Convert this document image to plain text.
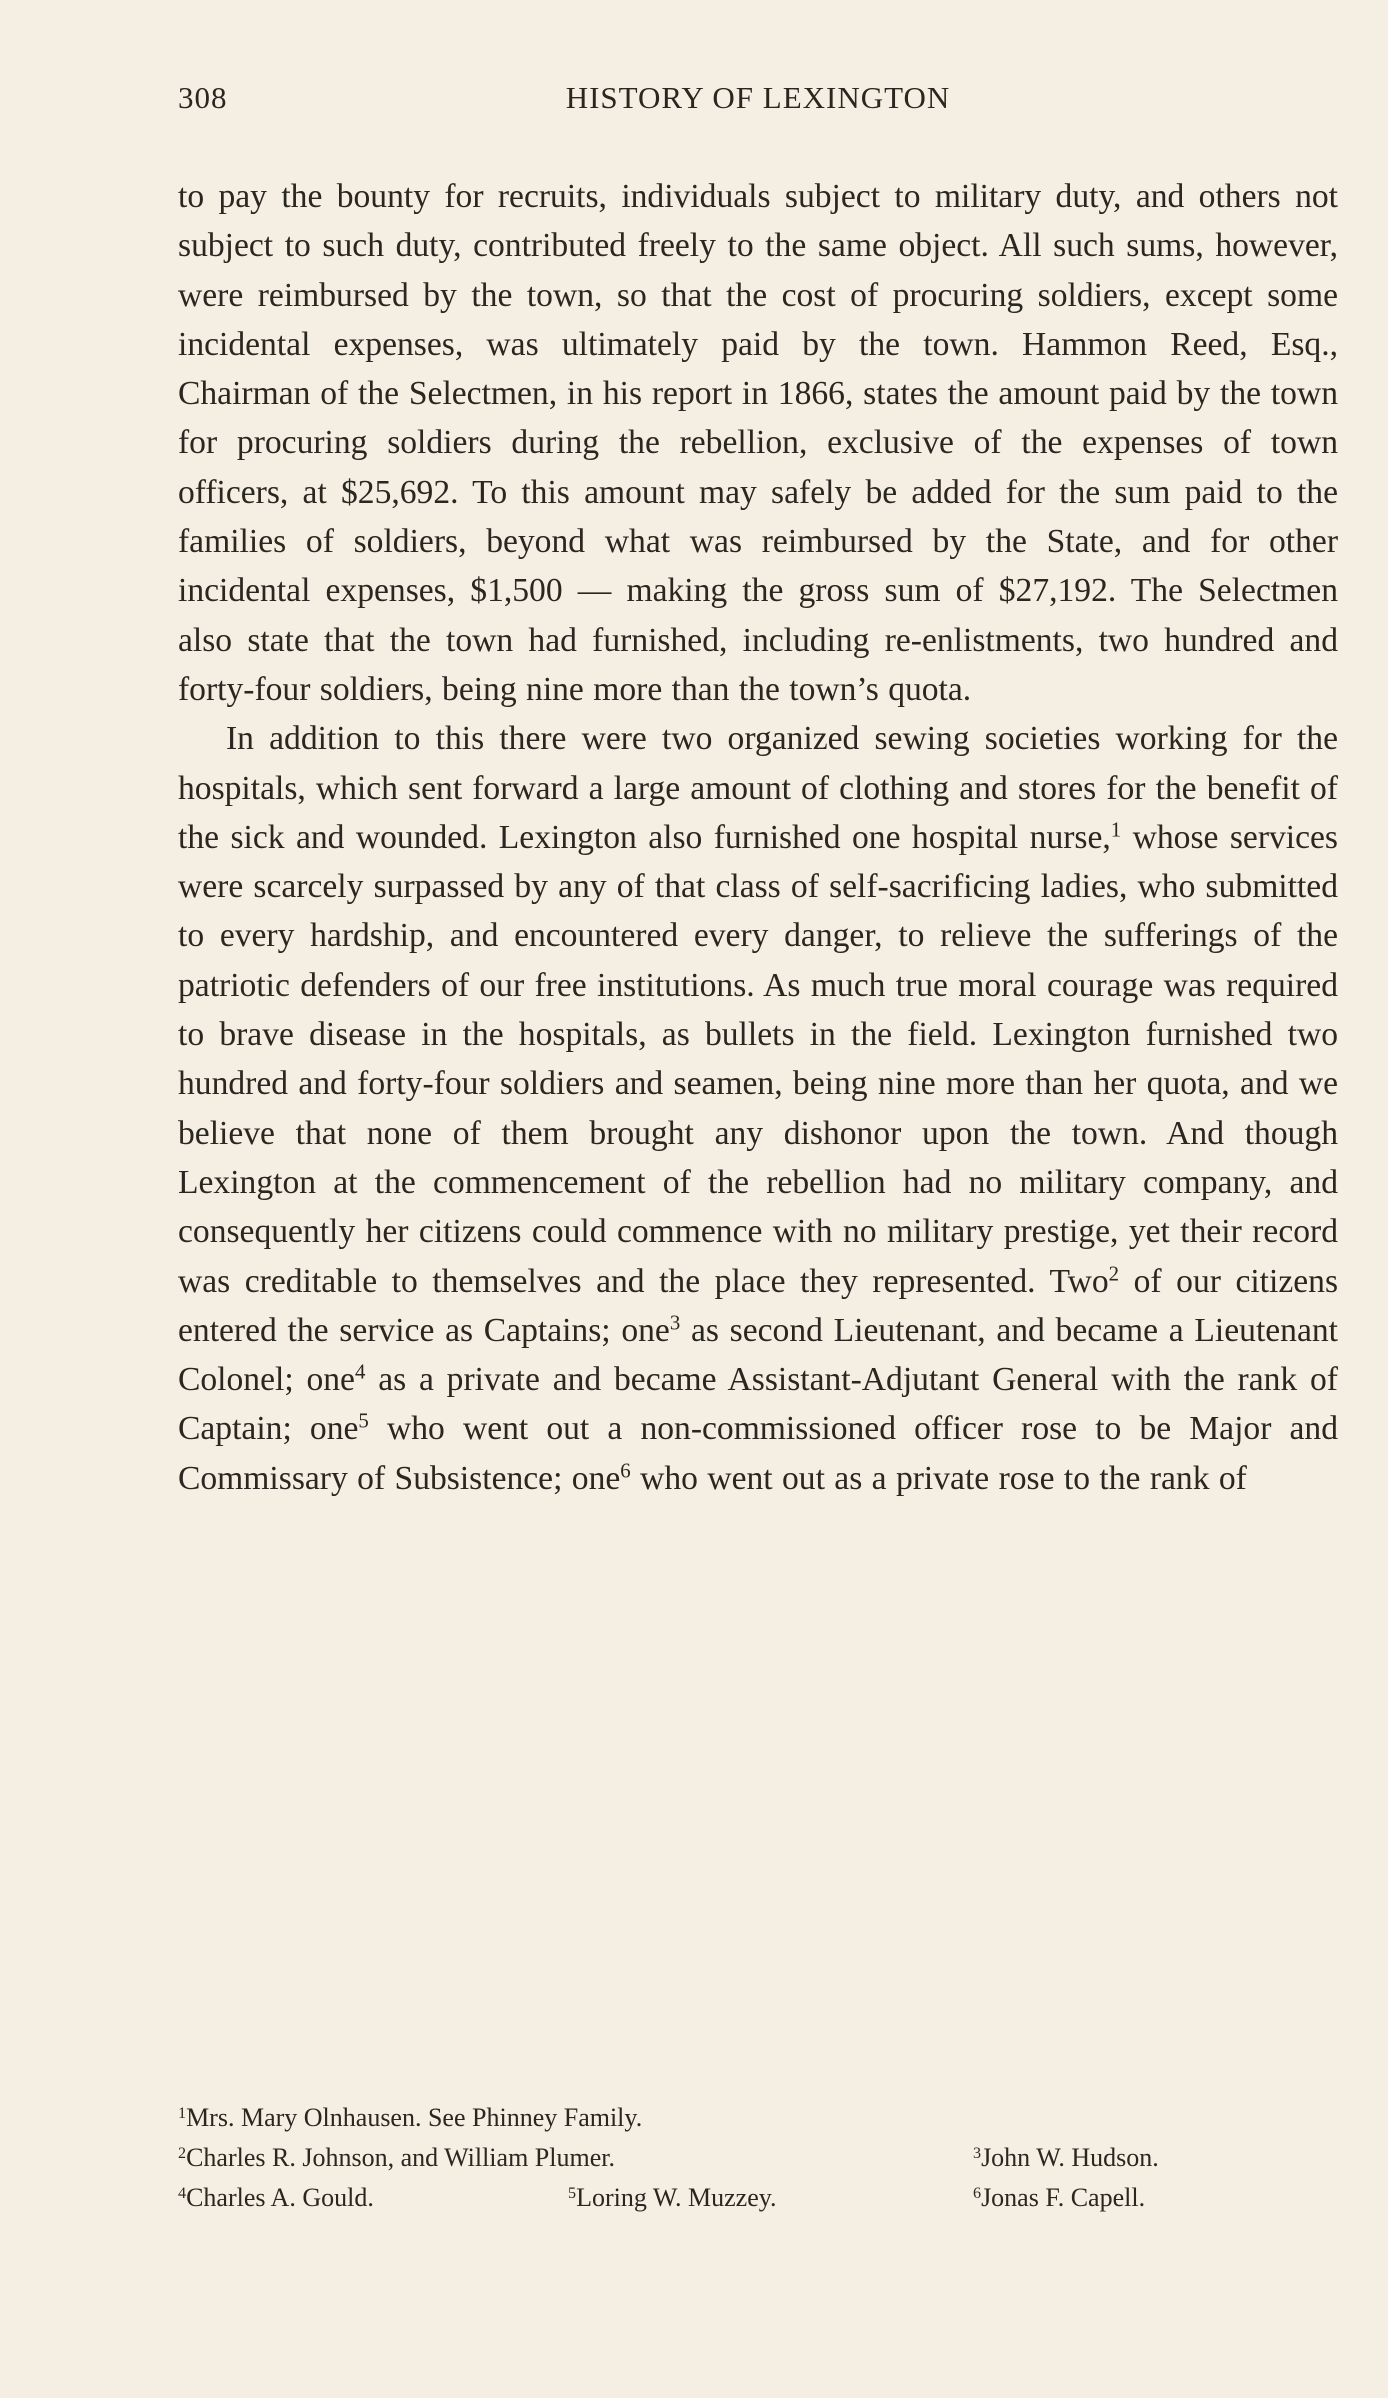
308	HISTORY OF LEXINGTON

to pay the bounty for recruits, individuals subject to military duty, and others not subject to such duty, contributed freely to the same object. All such sums, however, were reimbursed by the town, so that the cost of procuring soldiers, except some incidental expenses, was ultimately paid by the town. Hammon Reed, Esq., Chairman of the Selectmen, in his report in 1866, states the amount paid by the town for procuring soldiers during the rebellion, exclusive of the expenses of town officers, at $25,692. To this amount may safely be added for the sum paid to the families of soldiers, beyond what was reimbursed by the State, and for other incidental expenses, $1,500 — making the gross sum of $27,192. The Selectmen also state that the town had furnished, including re-enlistments, two hundred and forty-four soldiers, being nine more than the town’s quota.

In addition to this there were two organized sewing societies working for the hospitals, which sent forward a large amount of clothing and stores for the benefit of the sick and wounded. Lexington also furnished one hospital nurse,$^1$ whose services were scarcely surpassed by any of that class of self-sacrificing ladies, who submitted to every hardship, and encountered every danger, to relieve the sufferings of the patriotic defenders of our free institutions. As much true moral courage was required to brave disease in the hospitals, as bullets in the field. Lexington furnished two hundred and forty-four soldiers and seamen, being nine more than her quota, and we believe that none of them brought any dishonor upon the town. And though Lexington at the commencement of the rebellion had no military company, and consequently her citizens could commence with no military prestige, yet their record was creditable to themselves and the place they represented. Two$^2$ of our citizens entered the service as Captains; one$^3$ as second Lieutenant, and became a Lieutenant Colonel; one$^4$ as a private and became Assistant-Adjutant General with the rank of Captain; one$^5$ who went out a non-commissioned officer rose to be Major and Commissary of Subsistence; one$^6$ who went out as a private rose to the rank of

$^1$Mrs. Mary Olnhausen. See Phinney Family.
$^2$Charles R. Johnson, and William Plumer.	$^3$John W. Hudson.
$^4$Charles A. Gould.	$^5$Loring W. Muzzey.	$^6$Jonas F. Capell.
